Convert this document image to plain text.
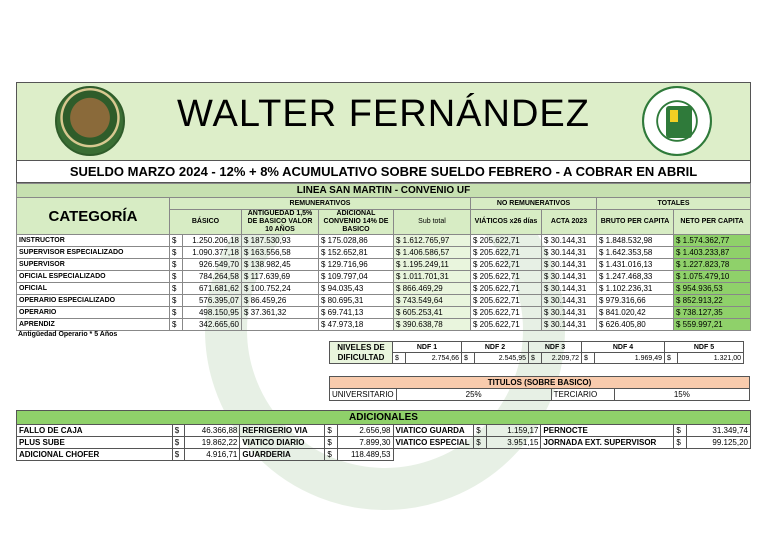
WALTER FERNÁNDEZ
SUELDO MARZO 2024 - 12% + 8% ACUMULATIVO SOBRE SUELDO FEBRERO - A COBRAR EN ABRIL
LINEA SAN MARTIN - CONVENIO UF									
CATEGORÍA	REMUNERATIVOS					NO REMUNERATIVOS		TOTALES	
	BÁSICO		ANTIGUEDAD 1,5% DE BASICO VALOR 10 AÑOS	ADICIONAL CONVENIO 14% DE BASICO	Sub total	VIÁTICOS x26 días	ACTA 2023	BRUTO PER CAPITA	NETO PER CAPITA
INSTRUCTOR	$	1.250.206,18	$ 187.530,93	$ 175.028,86	$ 1.612.765,97	$ 205.622,71	$ 30.144,31	$ 1.848.532,98	$ 1.574.362,77
SUPERVISOR ESPECIALIZADO	$	1.090.377,18	$ 163.556,58	$ 152.652,81	$ 1.406.586,57	$ 205.622,71	$ 30.144,31	$ 1.642.353,58	$ 1.403.233,87
SUPERVISOR	$	926.549,70	$ 138.982,45	$ 129.716,96	$ 1.195.249,11	$ 205.622,71	$ 30.144,31	$ 1.431.016,13	$ 1.227.823,78
OFICIAL ESPECIALIZADO	$	784.264,58	$ 117.639,69	$ 109.797,04	$ 1.011.701,31	$ 205.622,71	$ 30.144,31	$ 1.247.468,33	$ 1.075.479,10
OFICIAL	$	671.681,62	$ 100.752,24	$ 94.035,43	$ 866.469,29	$ 205.622,71	$ 30.144,31	$ 1.102.236,31	$ 954.936,53
OPERARIO ESPECIALIZADO	$	576.395,07	$ 86.459,26	$ 80.695,31	$ 743.549,64	$ 205.622,71	$ 30.144,31	$ 979.316,66	$ 852.913,22
OPERARIO	$	498.150,95	$ 37.361,32	$ 69.741,13	$ 605.253,41	$ 205.622,71	$ 30.144,31	$ 841.020,42	$ 738.127,35
APRENDIZ	$	342.665,60		$ 47.973,18	$ 390.638,78	$ 205.622,71	$ 30.144,31	$ 626.405,80	$ 559.997,21
Antigüedad Operario * 5 Años
NIVELES DE DIFICULTAD	NDF 1		NDF 2		NDF 3		NDF 4		NDF 5	
	$	2.754,66	$	2.545,95	$	2.209,72	$	1.969,49	$	1.321,00
TITULOS (SOBRE BASICO)
UNIVERSITARIO	25%	TERCIARIO	15%
ADICIONALES											
FALLO DE CAJA	$	46.366,88	REFRIGERIO VIA	$	2.656,98	VIATICO GUARDA	$	1.159,17	PERNOCTE	$	31.349,74
PLUS SUBE	$	19.862,22	VIATICO DIARIO	$	7.899,30	VIATICO ESPECIAL	$	3.951,15	JORNADA EXT. SUPERVISOR	$	99.125,20
ADICIONAL CHOFER	$	4.916,71	GUARDERIA	$	118.489,53						
